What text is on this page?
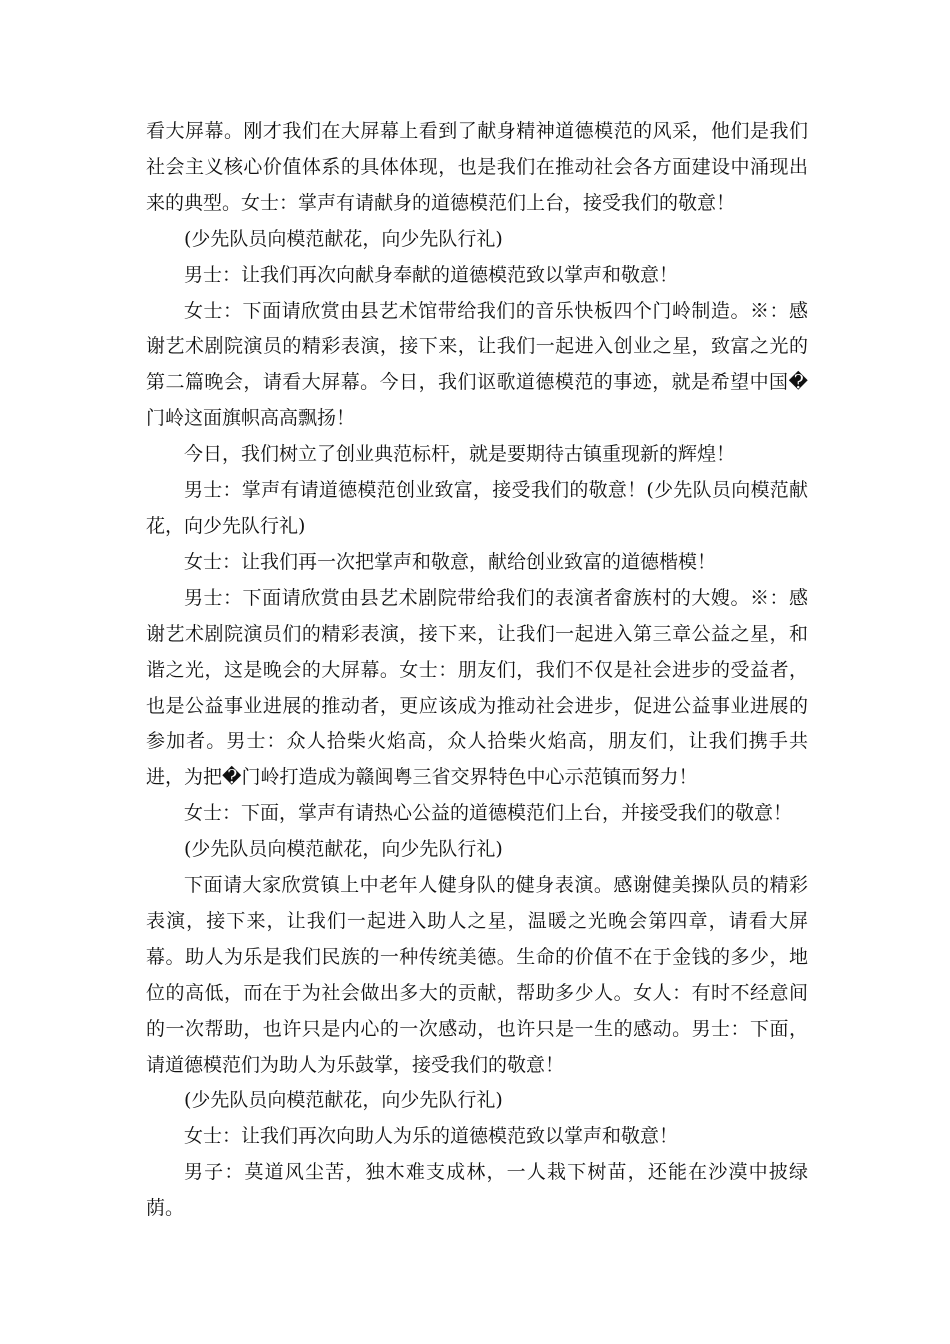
看大屏幕。刚才我们在大屏幕上看到了献身精神道德模范的风采，他们是我们社会主义核心价值体系的具体体现，也是我们在推动社会各方面建设中涌现出来的典型。女士：掌声有请献身的道德模范们上台，接受我们的敬意！

(少先队员向模范献花，向少先队行礼)

男士：让我们再次向献身奉献的道德模范致以掌声和敬意！

女士：下面请欣赏由县艺术馆带给我们的音乐快板四个门岭制造。※：感谢艺术剧院演员的精彩表演，接下来，让我们一起进入创业之星，致富之光的第二篇晚会，请看大屏幕。今日，我们讴歌道德模范的事迹，就是希望中国�门岭这面旗帜高高飘扬！

今日，我们树立了创业典范标杆，就是要期待古镇重现新的辉煌！

男士：掌声有请道德模范创业致富，接受我们的敬意！(少先队员向模范献花，向少先队行礼)

女士：让我们再一次把掌声和敬意，献给创业致富的道德楷模！

男士：下面请欣赏由县艺术剧院带给我们的表演者畲族村的大嫂。※：感谢艺术剧院演员们的精彩表演，接下来，让我们一起进入第三章公益之星，和谐之光，这是晚会的大屏幕。女士：朋友们，我们不仅是社会进步的受益者，也是公益事业进展的推动者，更应该成为推动社会进步，促进公益事业进展的参加者。男士：众人拾柴火焰高，众人拾柴火焰高，朋友们，让我们携手共进，为把�门岭打造成为赣闽粤三省交界特色中心示范镇而努力！

女士：下面，掌声有请热心公益的道德模范们上台，并接受我们的敬意！

(少先队员向模范献花，向少先队行礼)

下面请大家欣赏镇上中老年人健身队的健身表演。感谢健美操队员的精彩表演，接下来，让我们一起进入助人之星，温暖之光晚会第四章，请看大屏幕。助人为乐是我们民族的一种传统美德。生命的价值不在于金钱的多少，地位的高低，而在于为社会做出多大的贡献，帮助多少人。女人：有时不经意间的一次帮助，也许只是内心的一次感动，也许只是一生的感动。男士：下面，请道德模范们为助人为乐鼓掌，接受我们的敬意！

(少先队员向模范献花，向少先队行礼)

女士：让我们再次向助人为乐的道德模范致以掌声和敬意！

男子：莫道风尘苦，独木难支成林，一人栽下树苗，还能在沙漠中披绿荫。
